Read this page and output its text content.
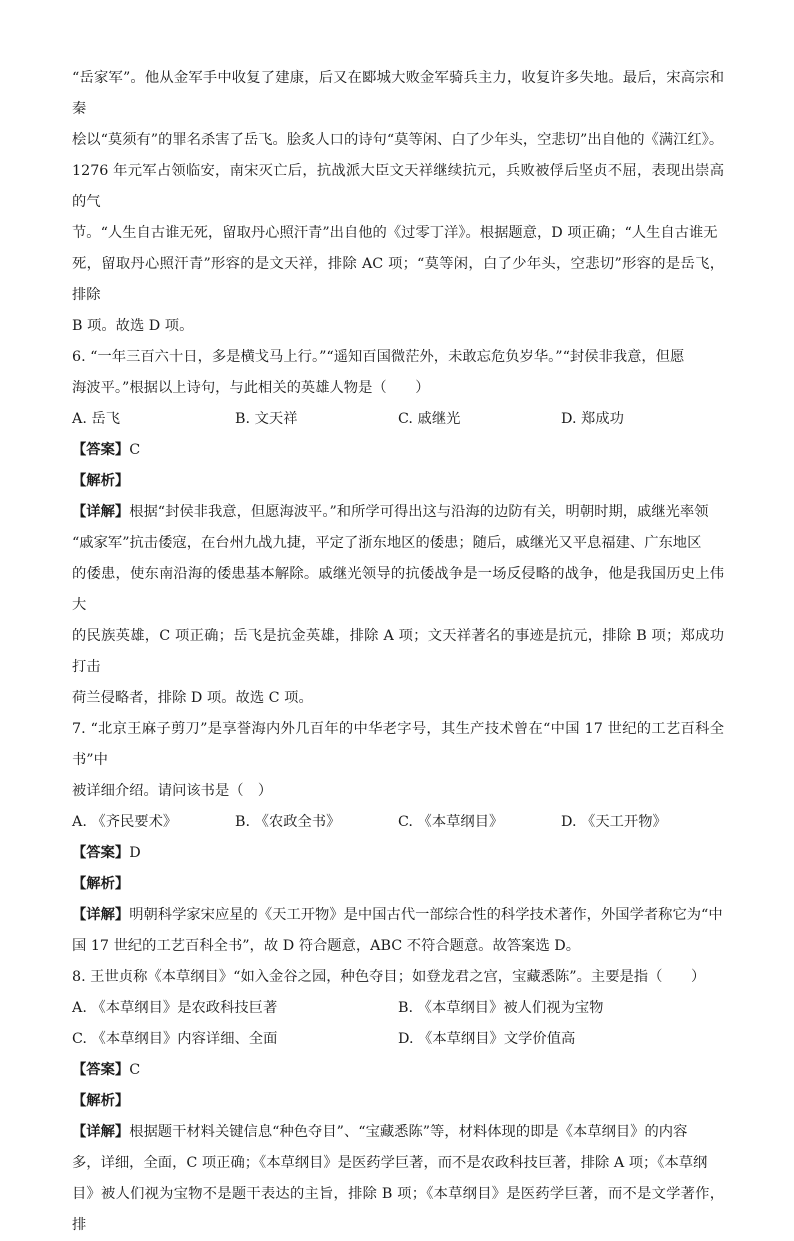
“岳家军”。他从金军手中收复了建康，后又在郾城大败金军骑兵主力，收复许多失地。最后，宋高宗和秦

桧以“莫须有”的罪名杀害了岳飞。脍炙人口的诗句“莫等闲、白了少年头，空悲切”出自他的《满江红》。

1276 年元军占领临安，南宋灭亡后，抗战派大臣文天祥继续抗元，兵败被俘后坚贞不屈，表现出崇高的气

节。“人生自古谁无死，留取丹心照汗青”出自他的《过零丁洋》。根据题意，D 项正确；“人生自古谁无

死，留取丹心照汗青”形容的是文天祥，排除 AC 项；“莫等闲，白了少年头，空悲切”形容的是岳飞，排除

B 项。故选 D 项。

6. “一年三百六十日，多是横戈马上行。”“遥知百国微茫外，未敢忘危负岁华。”“封侯非我意，但愿

海波平。”根据以上诗句，与此相关的英雄人物是（　　）

A. 岳飞	B. 文天祥	C. 戚继光	D. 郑成功

【答案】C

【解析】

【详解】根据“封侯非我意，但愿海波平。”和所学可得出这与沿海的边防有关，明朝时期，戚继光率领

“戚家军”抗击倭寇，在台州九战九捷，平定了浙东地区的倭患；随后，戚继光又平息福建、广东地区

的倭患，使东南沿海的倭患基本解除。戚继光领导的抗倭战争是一场反侵略的战争，他是我国历史上伟大

的民族英雄，C 项正确；岳飞是抗金英雄，排除 A 项；文天祥著名的事迹是抗元，排除 B 项；郑成功打击

荷兰侵略者，排除 D 项。故选 C 项。

7. “北京王麻子剪刀”是享誉海内外几百年的中华老字号，其生产技术曾在“中国 17 世纪的工艺百科全书”中

被详细介绍。请问该书是（　）

A. 《齐民要术》	B. 《农政全书》	C. 《本草纲目》	D. 《天工开物》

【答案】D

【解析】

【详解】明朝科学家宋应星的《天工开物》是中国古代一部综合性的科学技术著作，外国学者称它为“中

国 17 世纪的工艺百科全书”，故 D 符合题意，ABC 不符合题意。故答案选 D。

8. 王世贞称《本草纲目》“如入金谷之园，种色夺目；如登龙君之宫，宝藏悉陈”。主要是指（　　）

A. 《本草纲目》是农政科技巨著	B. 《本草纲目》被人们视为宝物
C. 《本草纲目》内容详细、全面	D. 《本草纲目》文学价值高

【答案】C

【解析】

【详解】根据题干材料关键信息“种色夺目”、“宝藏悉陈”等，材料体现的即是《本草纲目》的内容

多，详细，全面，C 项正确；《本草纲目》是医药学巨著，而不是农政科技巨著，排除 A 项；《本草纲

目》被人们视为宝物不是题干表达的主旨，排除 B 项；《本草纲目》是医药学巨著，而不是文学著作，排
